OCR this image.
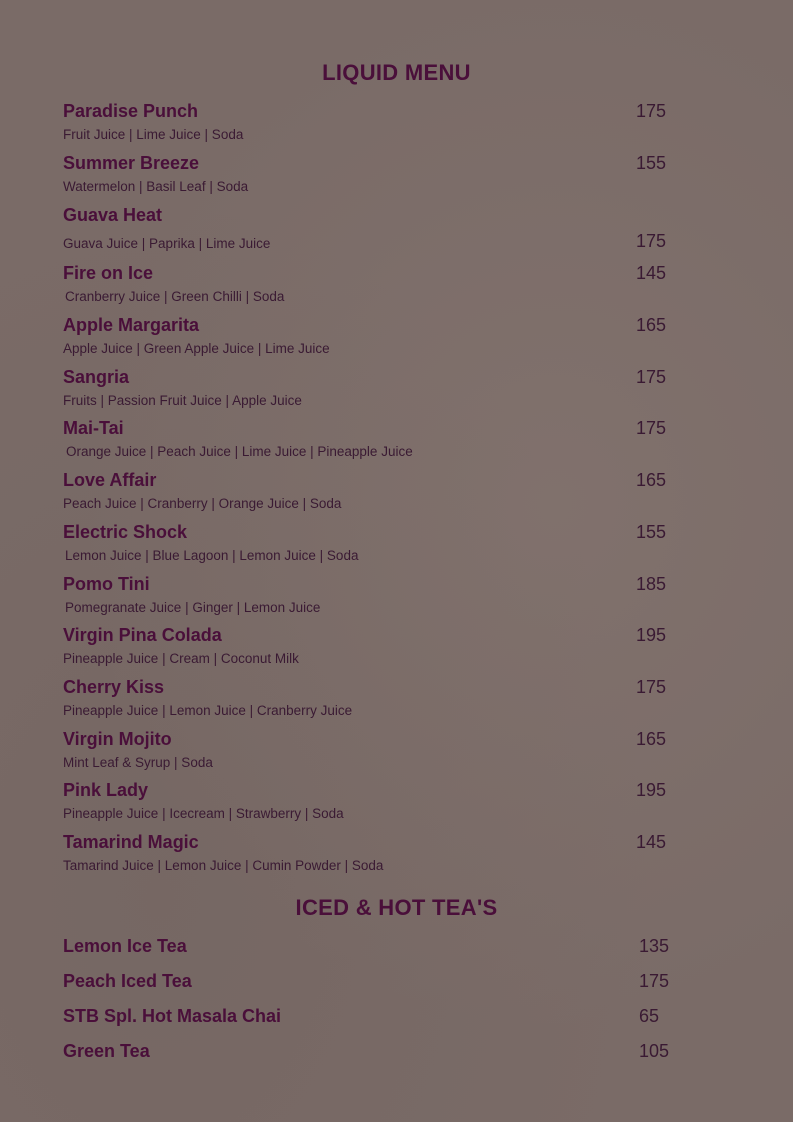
LIQUID MENU
Paradise Punch
Fruit Juice | Lime Juice | Soda
175
Summer Breeze
Watermelon | Basil Leaf | Soda
155
Guava Heat
Guava Juice | Paprika | Lime Juice	175
Fire on Ice
Cranberry Juice | Green Chilli | Soda
145
Apple Margarita
Apple Juice | Green Apple Juice | Lime Juice
165
Sangria
Fruits | Passion Fruit Juice | Apple Juice
175
Mai-Tai
Orange Juice | Peach Juice | Lime Juice | Pineapple Juice
175
Love Affair
Peach Juice | Cranberry | Orange Juice | Soda
165
Electric Shock
Lemon Juice | Blue Lagoon | Lemon Juice | Soda
155
Pomo Tini
Pomegranate Juice | Ginger | Lemon Juice
185
Virgin Pina Colada
Pineapple Juice | Cream | Coconut Milk
195
Cherry Kiss
Pineapple Juice | Lemon Juice | Cranberry Juice
175
Virgin Mojito
Mint Leaf & Syrup | Soda
165
Pink Lady
Pineapple Juice | Icecream | Strawberry | Soda
195
Tamarind Magic
Tamarind Juice | Lemon Juice | Cumin Powder | Soda
145
ICED & HOT TEA'S
Lemon Ice Tea	135
Peach Iced Tea	175
STB Spl. Hot Masala Chai	65
Green Tea	105
